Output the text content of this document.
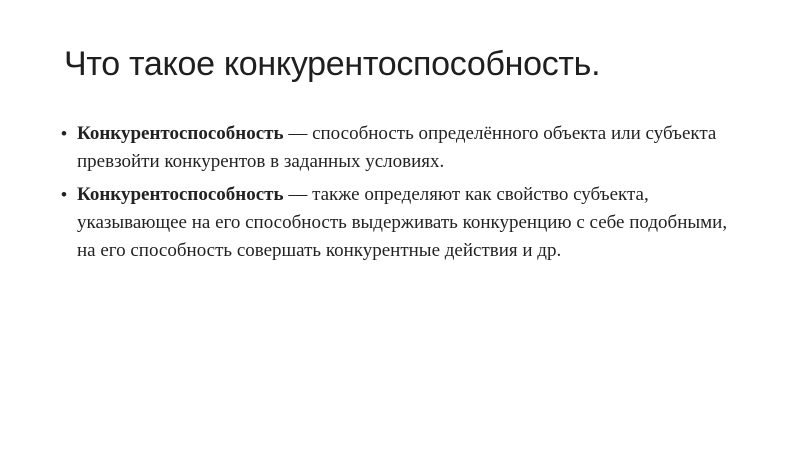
Что такое конкурентоспособность.
• Конкурентоспособность — способность определённого объекта или субъекта превзойти конкурентов в заданных условиях.
• Конкурентоспособность — также определяют как свойство субъекта, указывающее на его способность выдерживать конкуренцию с себе подобными, на его способность совершать конкурентные действия и др.
